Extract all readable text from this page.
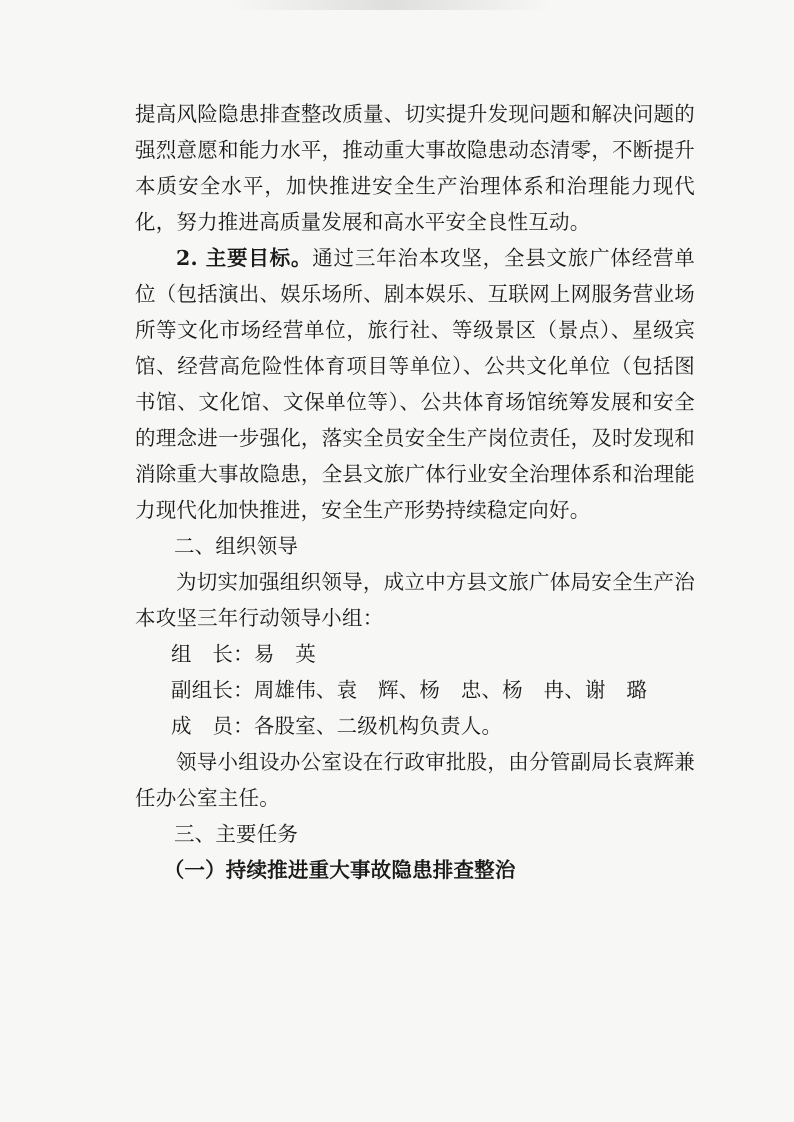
提高风险隐患排查整改质量、切实提升发现问题和解决问题的强烈意愿和能力水平，推动重大事故隐患动态清零，不断提升本质安全水平，加快推进安全生产治理体系和治理能力现代化，努力推进高质量发展和高水平安全良性互动。

2. 主要目标。通过三年治本攻坚，全县文旅广体经营单位（包括演出、娱乐场所、剧本娱乐、互联网上网服务营业场所等文化市场经营单位，旅行社、等级景区（景点）、星级宾馆、经营高危险性体育项目等单位）、公共文化单位（包括图书馆、文化馆、文保单位等）、公共体育场馆统筹发展和安全的理念进一步强化，落实全员安全生产岗位责任，及时发现和消除重大事故隐患，全县文旅广体行业安全治理体系和治理能力现代化加快推进，安全生产形势持续稳定向好。

二、组织领导

为切实加强组织领导，成立中方县文旅广体局安全生产治本攻坚三年行动领导小组：

组　长：易　英

副组长：周雄伟、袁　辉、杨　忠、杨　冉、谢　璐

成　员：各股室、二级机构负责人。

领导小组设办公室设在行政审批股，由分管副局长袁辉兼任办公室主任。

三、主要任务

（一）持续推进重大事故隐患排查整治
